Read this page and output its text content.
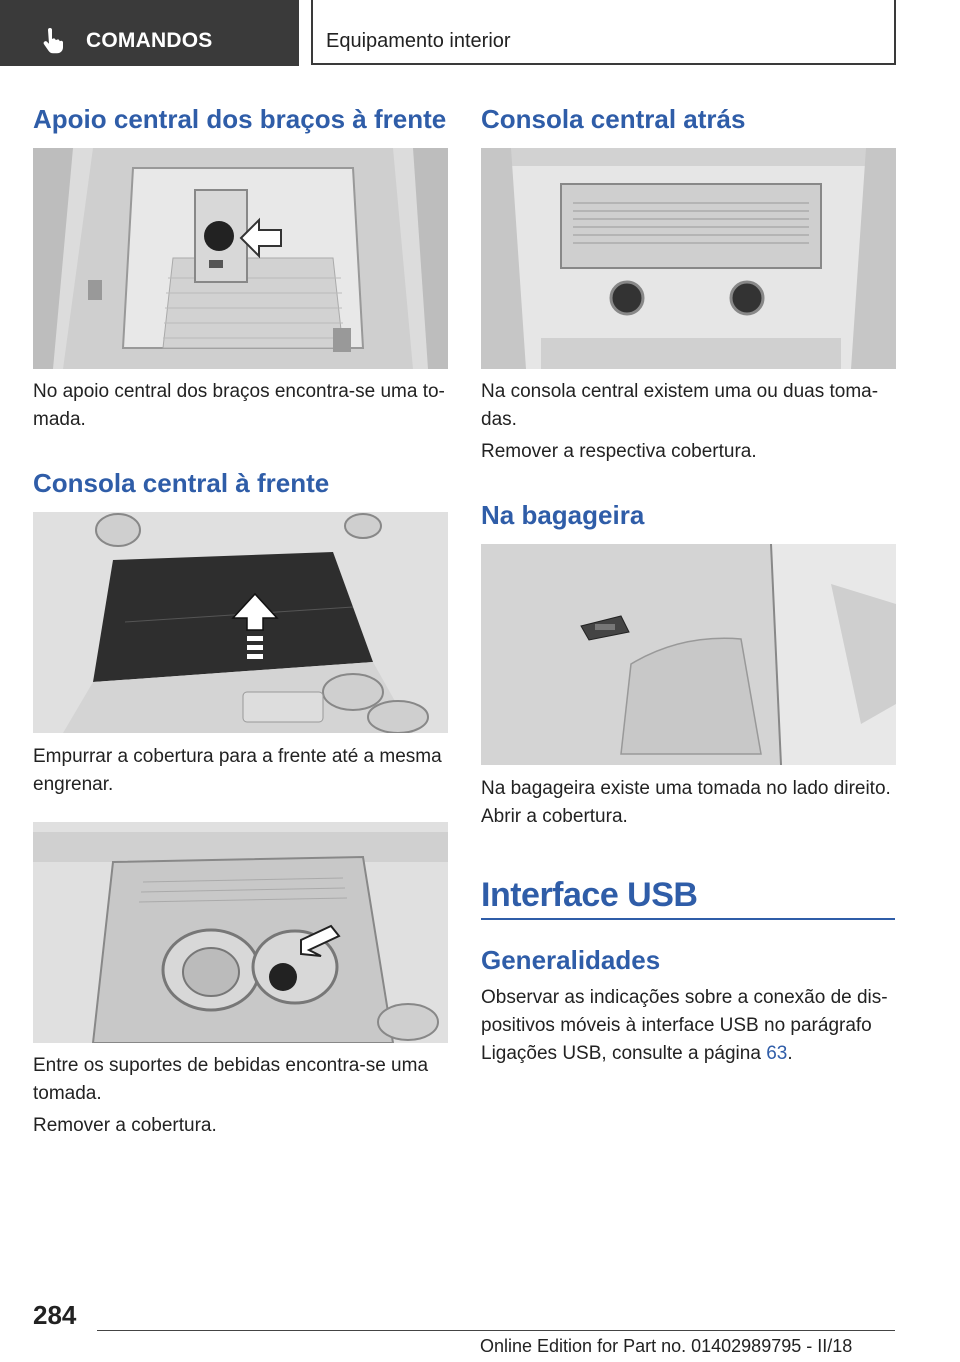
COMANDOS	Equipamento interior
Apoio central dos braços à frente

No apoio central dos braços encontra-se uma to-

mada.

Consola central à frente

Empurrar a cobertura para a frente até a mesma

engrenar.

Entre os suportes de bebidas encontra-se uma

tomada.

Remover a cobertura.

Consola central atrás

Na consola central existem uma ou duas toma-

das.

Remover a respectiva cobertura.

Na bagageira

Na bagageira existe uma tomada no lado direito.

Abrir a cobertura.

Interface USB
Generalidades

Observar as indicações sobre a conexão de dis-

positivos móveis à interface USB no parágrafo

Ligações USB, consulte a página 63.

284
Online Edition for Part no. 01402989795 - II/18
